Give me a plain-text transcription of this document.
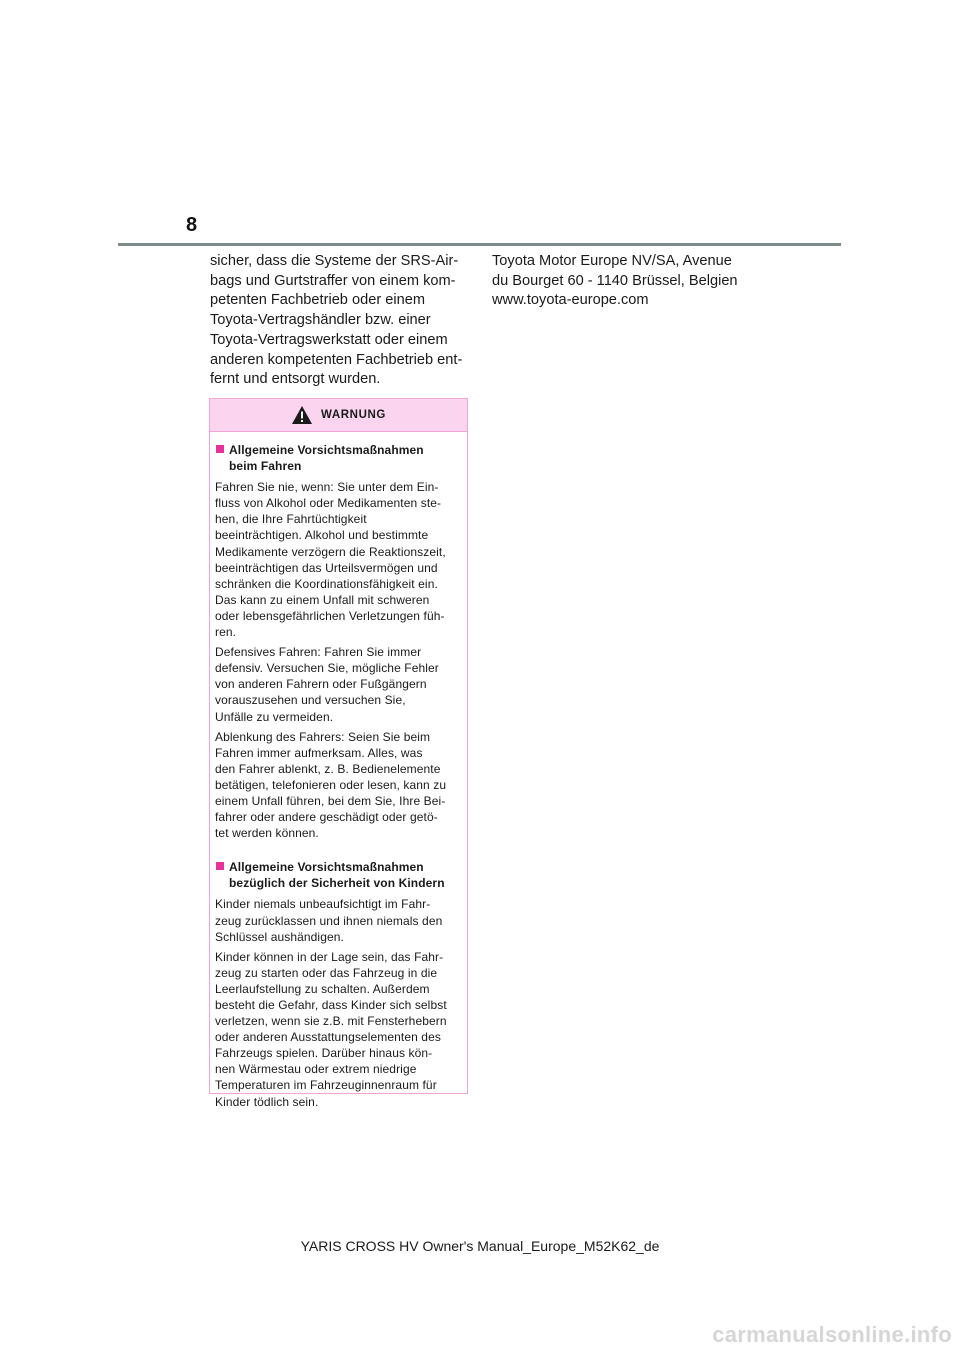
8

sicher, dass die Systeme der SRS-Air-

bags und Gurtstraffer von einem kom-

petenten Fachbetrieb oder einem

Toyota-Vertragshändler bzw. einer

Toyota-Vertragswerkstatt oder einem

anderen kompetenten Fachbetrieb ent-

fernt und entsorgt wurden.

Toyota Motor Europe NV/SA, Avenue
du Bourget 60 - 1140 Brüssel, Belgien
www.toyota-europe.com
WARNUNG
Allgemeine Vorsichtsmaßnahmen
beim Fahren
Fahren Sie nie, wenn: Sie unter dem Ein-
fluss von Alkohol oder Medikamenten ste-
hen, die Ihre Fahrtüchtigkeit
beeinträchtigen. Alkohol und bestimmte
Medikamente verzögern die Reaktionszeit,
beeinträchtigen das Urteilsvermögen und
schränken die Koordinationsfähigkeit ein.
Das kann zu einem Unfall mit schweren
oder lebensgefährlichen Verletzungen füh-
ren.
Defensives Fahren: Fahren Sie immer
defensiv. Versuchen Sie, mögliche Fehler
von anderen Fahrern oder Fußgängern
vorauszusehen und versuchen Sie,
Unfälle zu vermeiden.
Ablenkung des Fahrers: Seien Sie beim
Fahren immer aufmerksam. Alles, was
den Fahrer ablenkt, z. B. Bedienelemente
betätigen, telefonieren oder lesen, kann zu
einem Unfall führen, bei dem Sie, Ihre Bei-
fahrer oder andere geschädigt oder getö-
tet werden können.
Allgemeine Vorsichtsmaßnahmen
bezüglich der Sicherheit von Kindern
Kinder niemals unbeaufsichtigt im Fahr-
zeug zurücklassen und ihnen niemals den
Schlüssel aushändigen.
Kinder können in der Lage sein, das Fahr-
zeug zu starten oder das Fahrzeug in die
Leerlaufstellung zu schalten. Außerdem
besteht die Gefahr, dass Kinder sich selbst
verletzen, wenn sie z.B. mit Fensterhebern
oder anderen Ausstattungselementen des
Fahrzeugs spielen. Darüber hinaus kön-
nen Wärmestau oder extrem niedrige
Temperaturen im Fahrzeuginnenraum für
Kinder tödlich sein.
YARIS CROSS HV Owner's Manual_Europe_M52K62_de
carmanualsonline.info
